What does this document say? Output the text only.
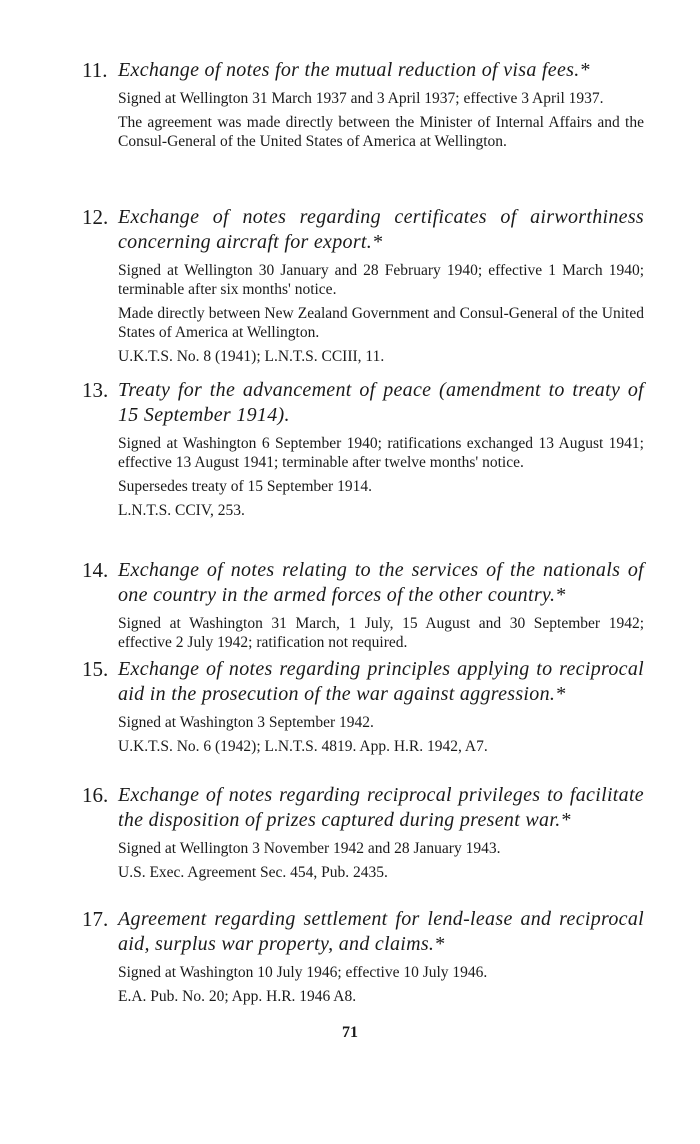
11. Exchange of notes for the mutual reduction of visa fees.*

Signed at Wellington 31 March 1937 and 3 April 1937; effective 3 April 1937.

The agreement was made directly between the Minister of Internal Affairs and the Consul-General of the United States of America at Wellington.

12. Exchange of notes regarding certificates of airworthiness concerning aircraft for export.*

Signed at Wellington 30 January and 28 February 1940; effective 1 March 1940; terminable after six months' notice.

Made directly between New Zealand Government and Consul-General of the United States of America at Wellington.

U.K.T.S. No. 8 (1941); L.N.T.S. CCIII, 11.

13. Treaty for the advancement of peace (amendment to treaty of 15 September 1914).

Signed at Washington 6 September 1940; ratifications exchanged 13 August 1941; effective 13 August 1941; terminable after twelve months' notice.

Supersedes treaty of 15 September 1914.

L.N.T.S. CCIV, 253.

14. Exchange of notes relating to the services of the nationals of one country in the armed forces of the other country.*

Signed at Washington 31 March, 1 July, 15 August and 30 September 1942; effective 2 July 1942; ratification not required.

15. Exchange of notes regarding principles applying to reciprocal aid in the prosecution of the war against aggression.*

Signed at Washington 3 September 1942.

U.K.T.S. No. 6 (1942); L.N.T.S. 4819. App. H.R. 1942, A7.

16. Exchange of notes regarding reciprocal privileges to facilitate the disposition of prizes captured during present war.*

Signed at Wellington 3 November 1942 and 28 January 1943.

U.S. Exec. Agreement Sec. 454, Pub. 2435.

17. Agreement regarding settlement for lend-lease and reciprocal aid, surplus war property, and claims.*

Signed at Washington 10 July 1946; effective 10 July 1946.

E.A. Pub. No. 20; App. H.R. 1946 A8.

71
